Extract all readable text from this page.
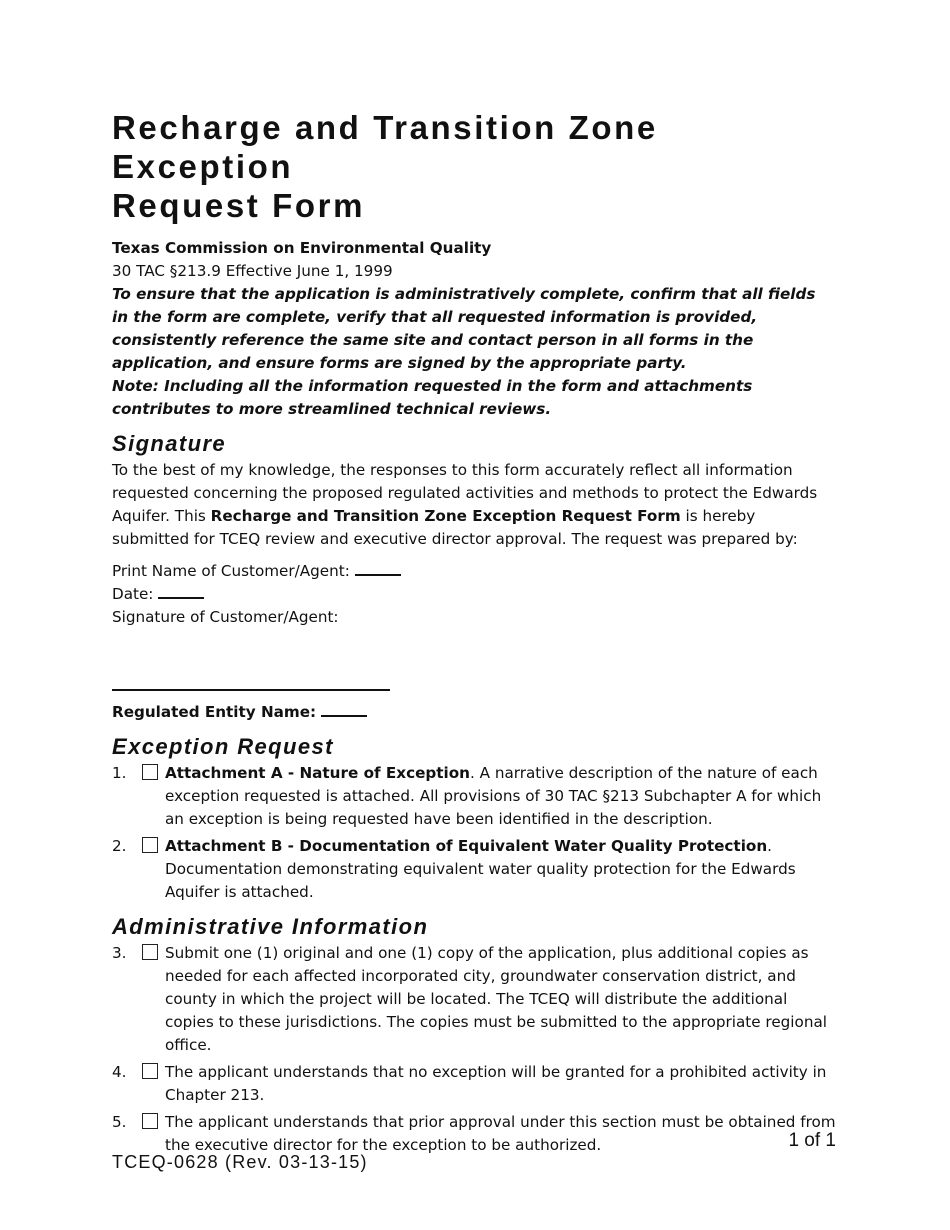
Recharge and Transition Zone Exception
Request Form
Texas Commission on Environmental Quality
30 TAC §213.9 Effective June 1, 1999
To ensure that the application is administratively complete, confirm that all fields in the form are complete, verify that all requested information is provided, consistently reference the same site and contact person in all forms in the application, and ensure forms are signed by the appropriate party.
Note: Including all the information requested in the form and attachments contributes to more streamlined technical reviews.
Signature
To the best of my knowledge, the responses to this form accurately reflect all information requested concerning the proposed regulated activities and methods to protect the Edwards Aquifer. This Recharge and Transition Zone Exception Request Form is hereby submitted for TCEQ review and executive director approval. The request was prepared by:
Print Name of Customer/Agent:
Date:
Signature of Customer/Agent:
Regulated Entity Name:
Exception Request
1.	Attachment A - Nature of Exception. A narrative description of the nature of each exception requested is attached. All provisions of 30 TAC §213 Subchapter A for which an exception is being requested have been identified in the description.
2.	Attachment B - Documentation of Equivalent Water Quality Protection. Documentation demonstrating equivalent water quality protection for the Edwards Aquifer is attached.
Administrative Information
3.	Submit one (1) original and one (1) copy of the application, plus additional copies as needed for each affected incorporated city, groundwater conservation district, and county in which the project will be located. The TCEQ will distribute the additional copies to these jurisdictions. The copies must be submitted to the appropriate regional office.
4.	The applicant understands that no exception will be granted for a prohibited activity in Chapter 213.
5.	The applicant understands that prior approval under this section must be obtained from the executive director for the exception to be authorized.	1 of 1
TCEQ-0628 (Rev. 03-13-15)
